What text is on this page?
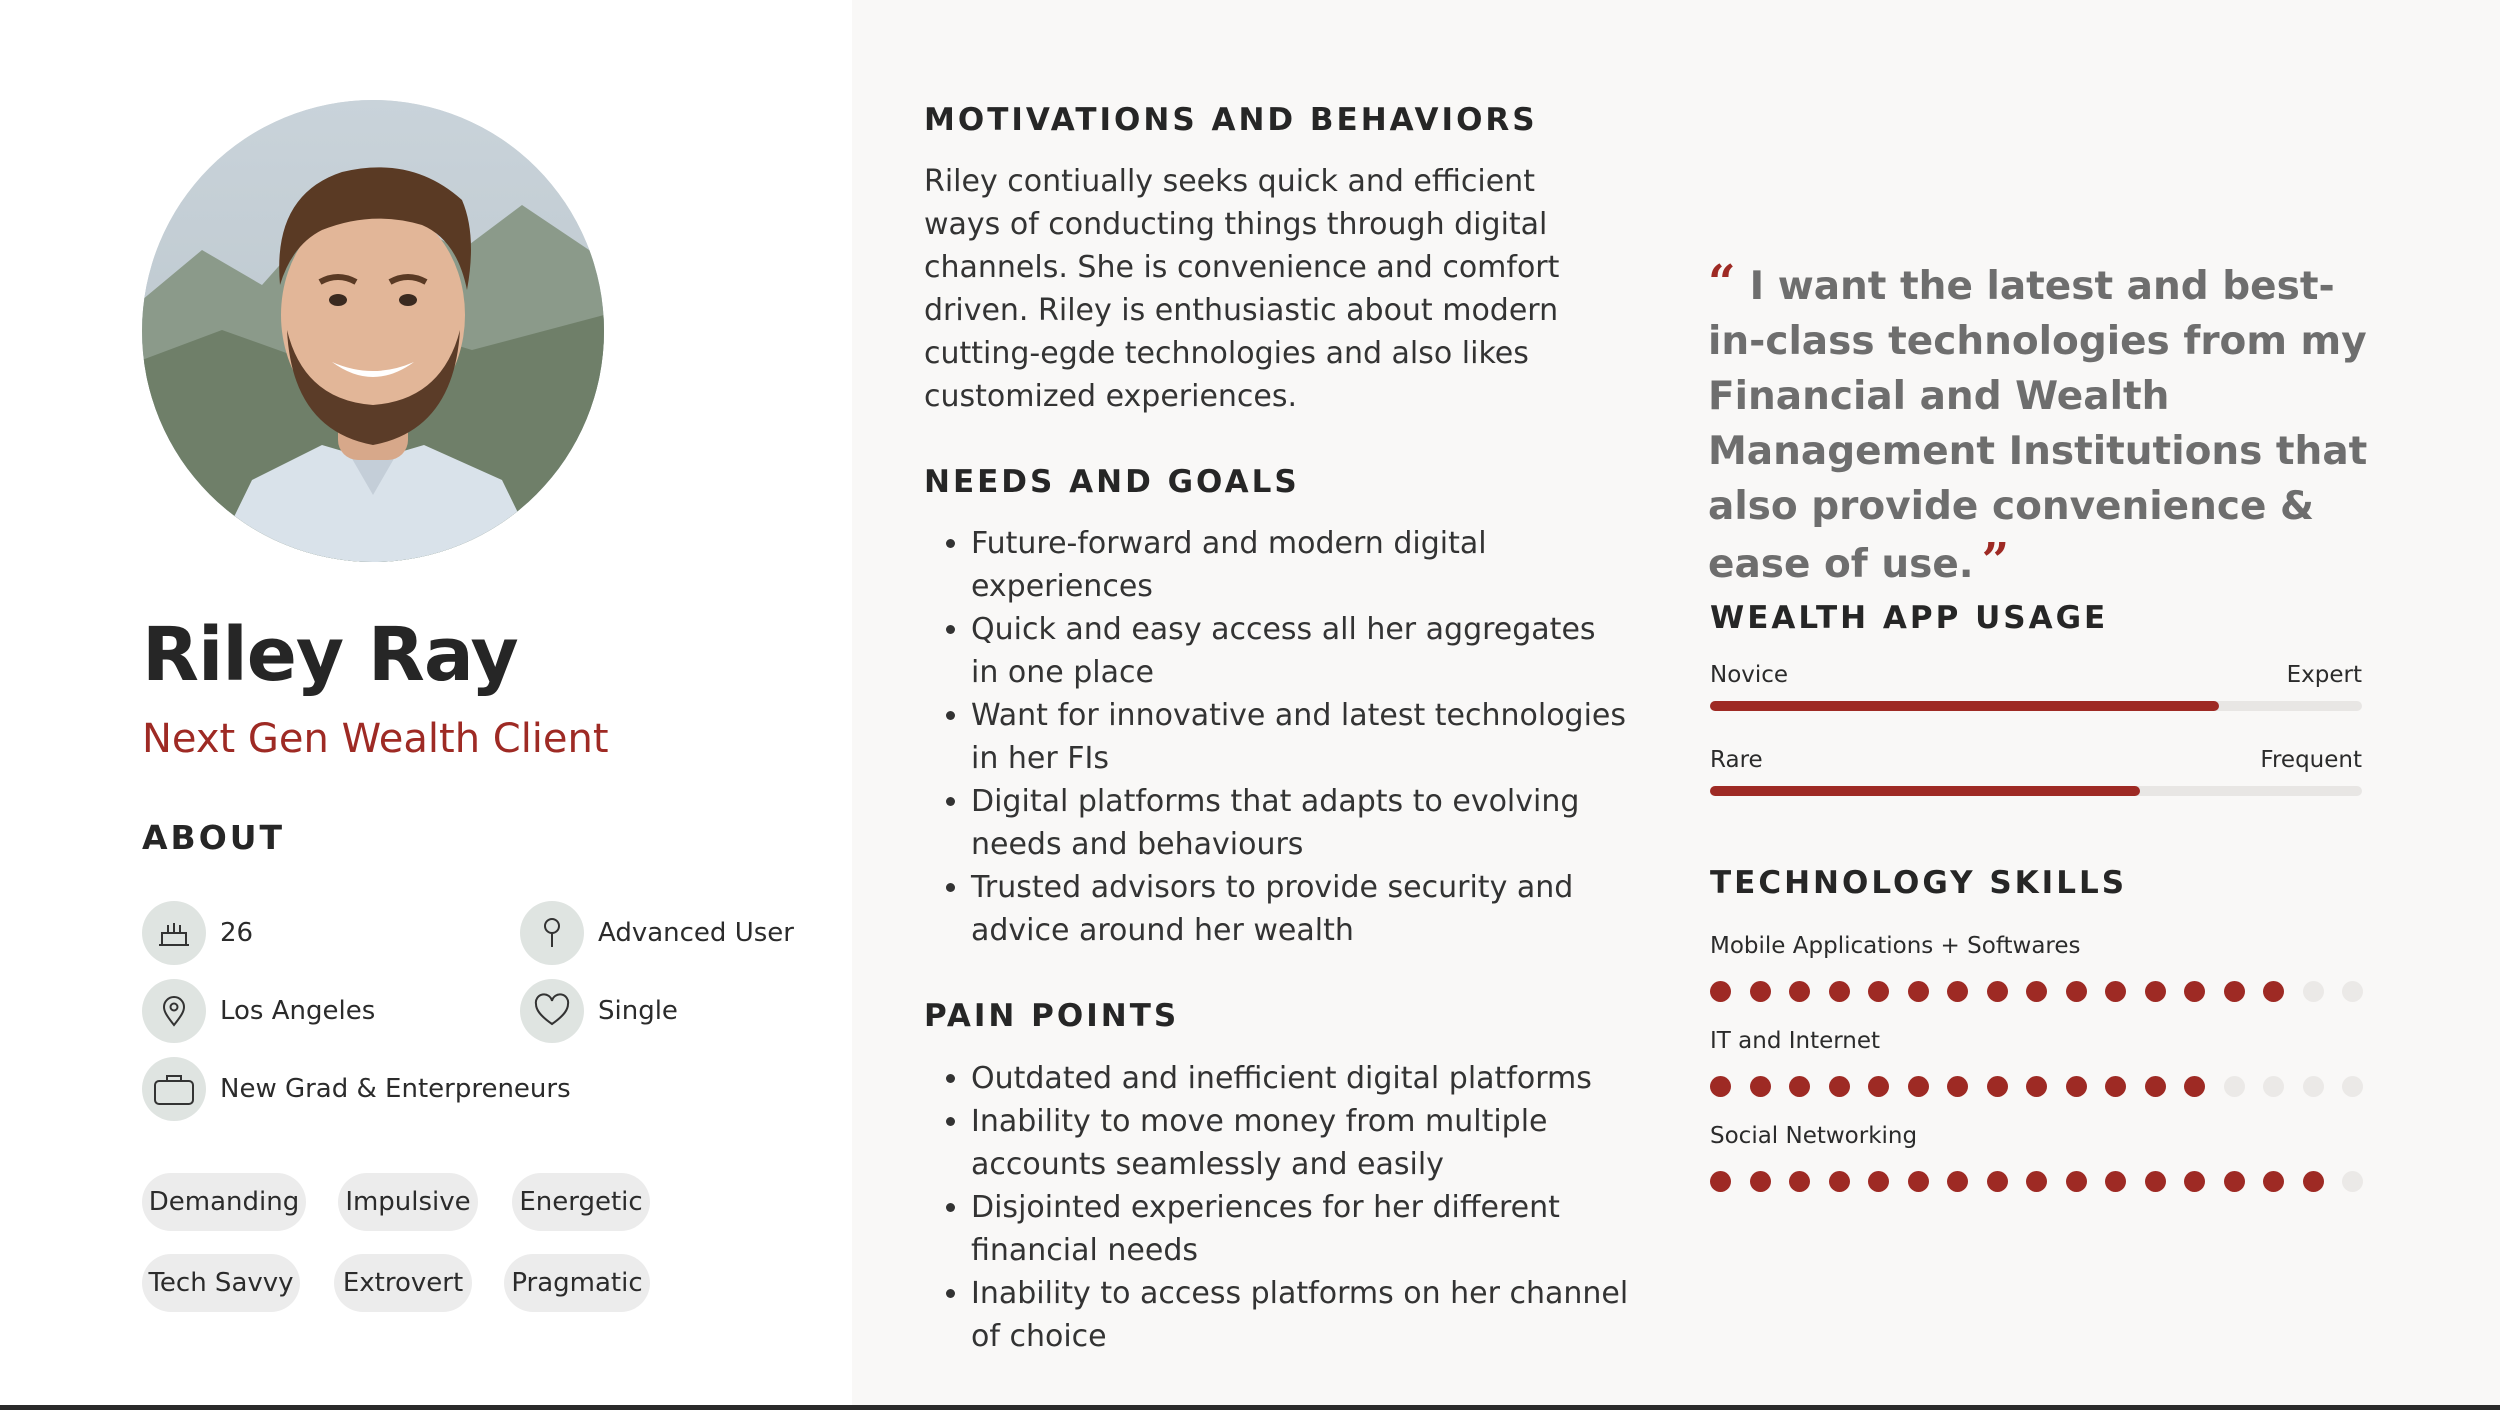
Riley Ray
Next Gen Wealth Client
ABOUT
26	Advanced User
Los Angeles	Single
New Grad & Enterpreneurs
Demanding Impulsive Energetic
Tech Savvy	Extrovert	Pragmatic
MOTIVATIONS AND BEHAVIORS

Riley contiually seeks quick and efficient ways of conducting things through digital channels. She is convenience and comfort driven. Riley is enthusiastic about modern cutting-egde technologies and also likes customized experiences.

NEEDS AND GOALS
• Future-forward and modern digital experiences
• Quick and easy access all her aggregates in one place
• Want for innovative and latest technologies in her FIs
• Digital platforms that adapts to evolving needs and behaviours
• Trusted advisors to provide security and advice around her wealth
PAIN POINTS
• Outdated and inefficient digital platforms
• Inability to move money from multiple accounts seamlessly and easily
• Disjointed experiences for her different financial needs
• Inability to access platforms on her channel of choice

“ I want the latest and best-in-class technologies from my Financial and Wealth Management Institutions that also provide convenience & ease of use. ”

WEALTH APP USAGE
Novice	Expert
Rare	Frequent
TECHNOLOGY SKILLS
Mobile Applications + Softwares
IT and Internet
Social Networking
